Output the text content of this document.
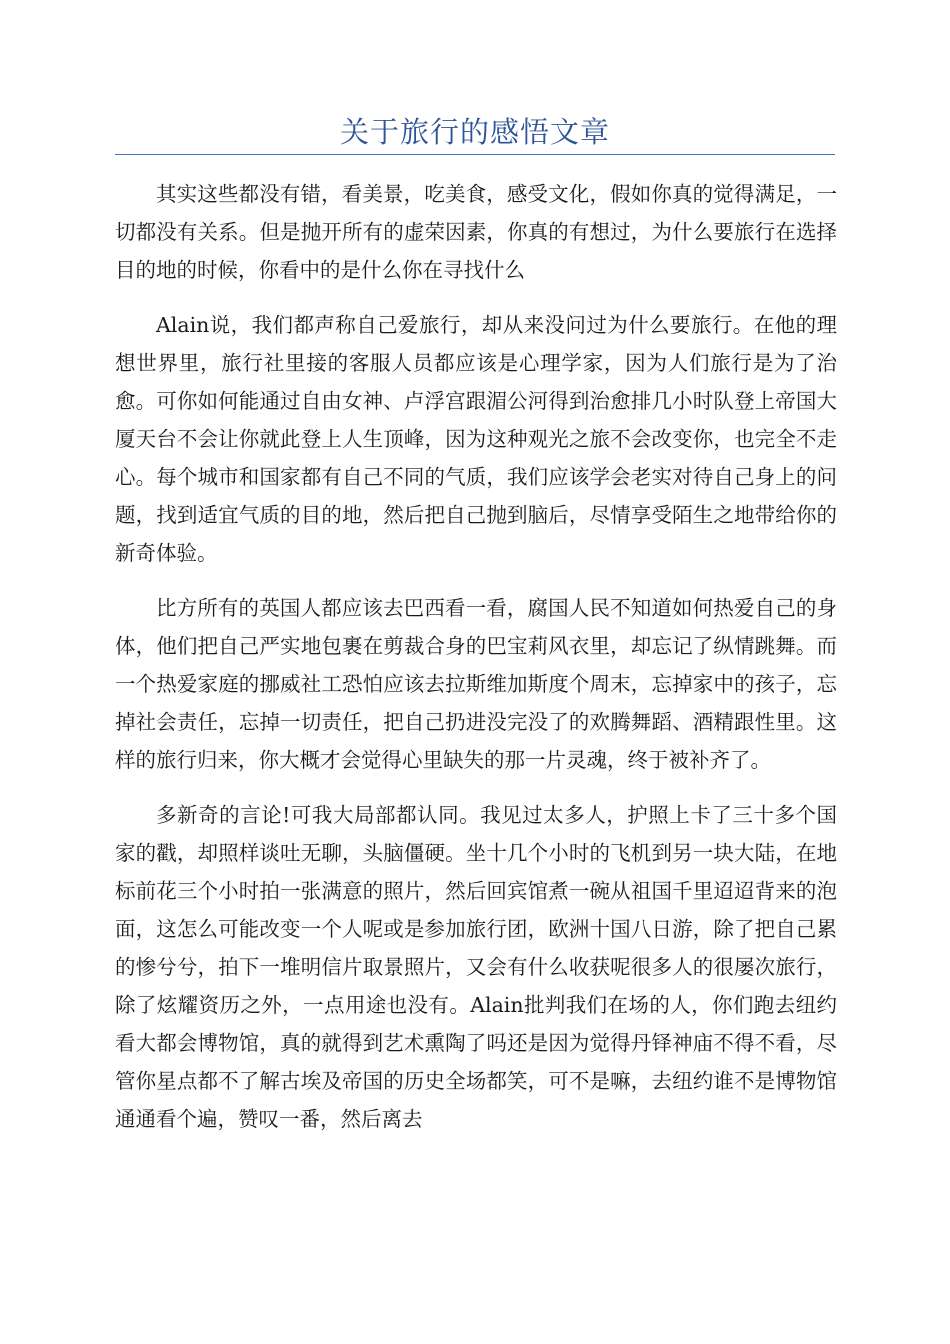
关于旅行的感悟文章

其实这些都没有错，看美景，吃美食，感受文化，假如你真的觉得满足，一切都没有关系。但是抛开所有的虚荣因素，你真的有想过，为什么要旅行在选择目的地的时候，你看中的是什么你在寻找什么

Alain说，我们都声称自己爱旅行，却从来没问过为什么要旅行。在他的理想世界里，旅行社里接的客服人员都应该是心理学家，因为人们旅行是为了治愈。可你如何能通过自由女神、卢浮宫跟湄公河得到治愈排几小时队登上帝国大厦天台不会让你就此登上人生顶峰，因为这种观光之旅不会改变你，也完全不走心。每个城市和国家都有自己不同的气质，我们应该学会老实对待自己身上的问题，找到适宜气质的目的地，然后把自己抛到脑后，尽情享受陌生之地带给你的新奇体验。

比方所有的英国人都应该去巴西看一看，腐国人民不知道如何热爱自己的身体，他们把自己严实地包裹在剪裁合身的巴宝莉风衣里，却忘记了纵情跳舞。而一个热爱家庭的挪威社工恐怕应该去拉斯维加斯度个周末，忘掉家中的孩子，忘掉社会责任，忘掉一切责任，把自己扔进没完没了的欢腾舞蹈、酒精跟性里。这样的旅行归来，你大概才会觉得心里缺失的那一片灵魂，终于被补齐了。

多新奇的言论!可我大局部都认同。我见过太多人，护照上卡了三十多个国家的戳，却照样谈吐无聊，头脑僵硬。坐十几个小时的飞机到另一块大陆，在地标前花三个小时拍一张满意的照片，然后回宾馆煮一碗从祖国千里迢迢背来的泡面，这怎么可能改变一个人呢或是参加旅行团，欧洲十国八日游，除了把自己累的惨兮兮，拍下一堆明信片取景照片，又会有什么收获呢很多人的很屡次旅行，除了炫耀资历之外，一点用途也没有。Alain批判我们在场的人，你们跑去纽约看大都会博物馆，真的就得到艺术熏陶了吗还是因为觉得丹铎神庙不得不看，尽管你星点都不了解古埃及帝国的历史全场都笑，可不是嘛，去纽约谁不是博物馆通通看个遍，赞叹一番，然后离去
